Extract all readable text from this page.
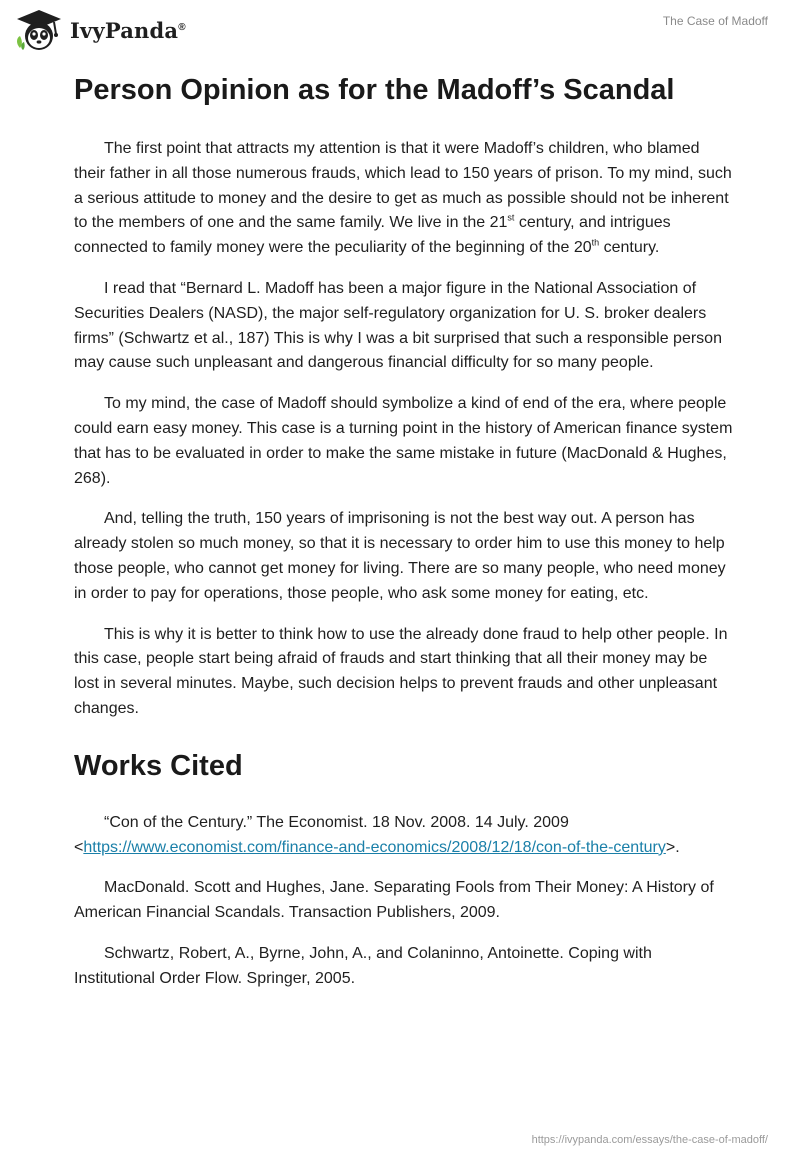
IvyPanda®	The Case of Madoff
Person Opinion as for the Madoff’s Scandal

The first point that attracts my attention is that it were Madoff’s children, who blamed their father in all those numerous frauds, which lead to 150 years of prison. To my mind, such a serious attitude to money and the desire to get as much as possible should not be inherent to the members of one and the same family. We live in the 21st century, and intrigues connected to family money were the peculiarity of the beginning of the 20th century.

I read that “Bernard L. Madoff has been a major figure in the National Association of Securities Dealers (NASD), the major self-regulatory organization for U. S. broker dealers firms” (Schwartz et al., 187) This is why I was a bit surprised that such a responsible person may cause such unpleasant and dangerous financial difficulty for so many people.

To my mind, the case of Madoff should symbolize a kind of end of the era, where people could earn easy money. This case is a turning point in the history of American finance system that has to be evaluated in order to make the same mistake in future (MacDonald & Hughes, 268).

And, telling the truth, 150 years of imprisoning is not the best way out. A person has already stolen so much money, so that it is necessary to order him to use this money to help those people, who cannot get money for living. There are so many people, who need money in order to pay for operations, those people, who ask some money for eating, etc.

This is why it is better to think how to use the already done fraud to help other people. In this case, people start being afraid of frauds and start thinking that all their money may be lost in several minutes. Maybe, such decision helps to prevent frauds and other unpleasant changes.

Works Cited

“Con of the Century.” The Economist. 18 Nov. 2008. 14 July. 2009 <https://www.economist.com/finance-and-economics/2008/12/18/con-of-the-century>.

MacDonald. Scott and Hughes, Jane. Separating Fools from Their Money: A History of American Financial Scandals. Transaction Publishers, 2009.

Schwartz, Robert, A., Byrne, John, A., and Colaninno, Antoinette. Coping with Institutional Order Flow. Springer, 2005.

https://ivypanda.com/essays/the-case-of-madoff/
